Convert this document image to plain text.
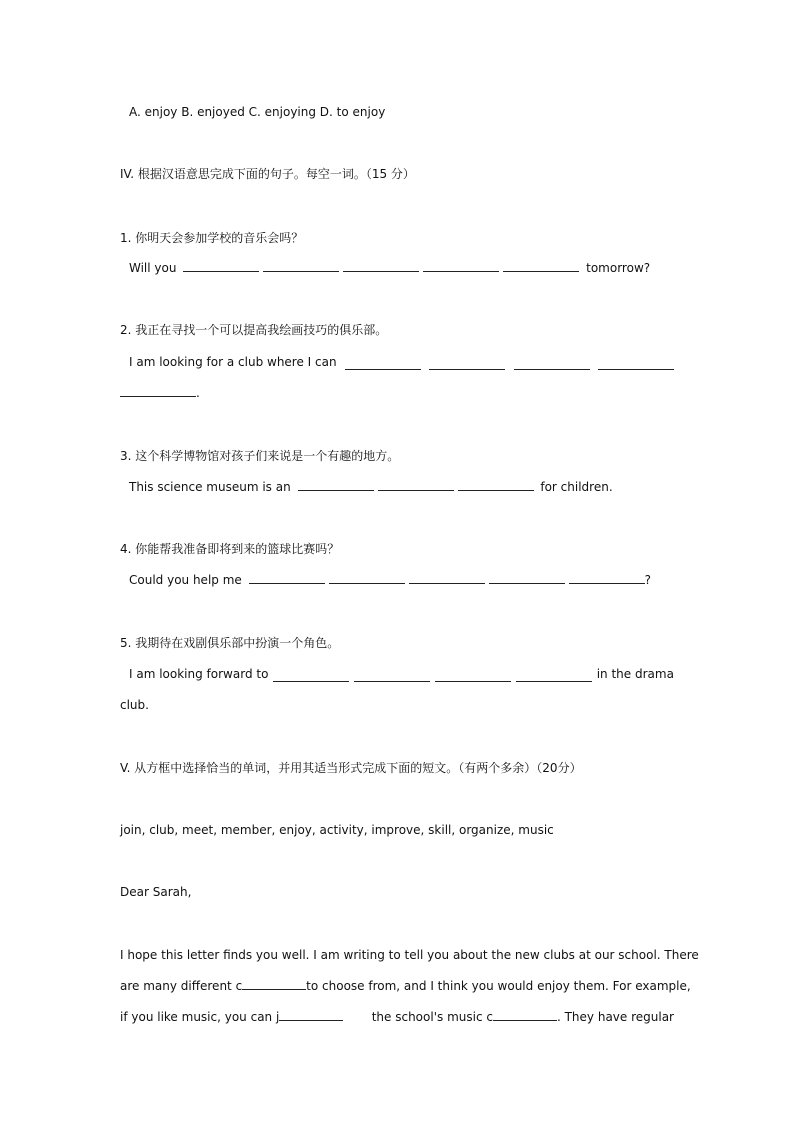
A. enjoy B. enjoyed C. enjoying D. to enjoy
IV. 根据汉语意思完成下面的句子。每空一词。（15 分）
1. 你明天会参加学校的音乐会吗？
Will you	tomorrow?
2. 我正在寻找一个可以提高我绘画技巧的俱乐部。
I am looking for a club where I can
.
3. 这个科学博物馆对孩子们来说是一个有趣的地方。
This science museum is an	for children.
4. 你能帮我准备即将到来的篮球比赛吗？
Could you help me	?
5. 我期待在戏剧俱乐部中扮演一个角色。
I am looking forward to	in the drama
club.
V. 从方框中选择恰当的单词，并用其适当形式完成下面的短文。（有两个多余）（20分）
join, club, meet, member, enjoy, activity, improve, skill, organize, music
Dear Sarah,
I hope this letter finds you well. I am writing to tell you about the new clubs at our school. There
are many different c	to choose from, and I think you would enjoy them. For example,
if you like music, you can j	the school's music c	. They have regular
